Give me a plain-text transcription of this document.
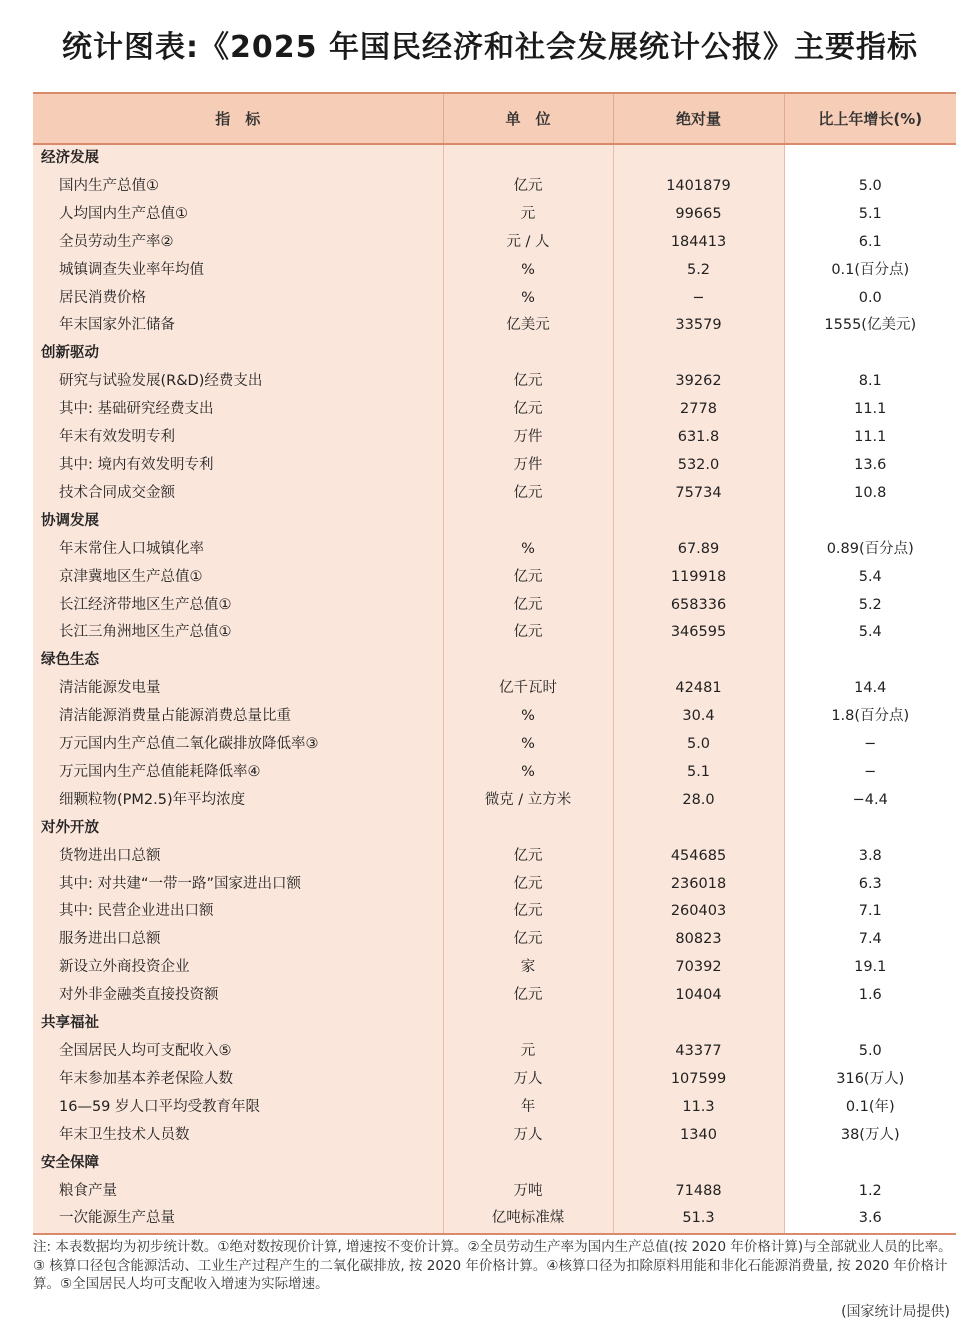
统计图表:《2025 年国民经济和社会发展统计公报》主要指标
指　标	单　位	绝对量	比上年增长(%)
经济发展			
国内生产总值①	亿元	1401879	5.0
人均国内生产总值①	元	99665	5.1
全员劳动生产率②	元 / 人	184413	6.1
城镇调查失业率年均值	%	5.2	0.1(百分点)
居民消费价格	%	−	0.0
年末国家外汇储备	亿美元	33579	1555(亿美元)
创新驱动			
研究与试验发展(R&D)经费支出	亿元	39262	8.1
其中: 基础研究经费支出	亿元	2778	11.1
年末有效发明专利	万件	631.8	11.1
其中: 境内有效发明专利	万件	532.0	13.6
技术合同成交金额	亿元	75734	10.8
协调发展			
年末常住人口城镇化率	%	67.89	0.89(百分点)
京津冀地区生产总值①	亿元	119918	5.4
长江经济带地区生产总值①	亿元	658336	5.2
长江三角洲地区生产总值①	亿元	346595	5.4
绿色生态			
清洁能源发电量	亿千瓦时	42481	14.4
清洁能源消费量占能源消费总量比重	%	30.4	1.8(百分点)
万元国内生产总值二氧化碳排放降低率③	%	5.0	−
万元国内生产总值能耗降低率④	%	5.1	−
细颗粒物(PM2.5)年平均浓度	微克 / 立方米	28.0	−4.4
对外开放			
货物进出口总额	亿元	454685	3.8
其中: 对共建“一带一路”国家进出口额	亿元	236018	6.3
其中: 民营企业进出口额	亿元	260403	7.1
服务进出口总额	亿元	80823	7.4
新设立外商投资企业	家	70392	19.1
对外非金融类直接投资额	亿元	10404	1.6
共享福祉			
全国居民人均可支配收入⑤	元	43377	5.0
年末参加基本养老保险人数	万人	107599	316(万人)
16—59 岁人口平均受教育年限	年	11.3	0.1(年)
年末卫生技术人员数	万人	1340	38(万人)
安全保障			
粮食产量	万吨	71488	1.2
一次能源生产总量	亿吨标准煤	51.3	3.6
注: 本表数据均为初步统计数。①绝对数按现价计算, 增速按不变价计算。②全员劳动生产率为国内生产总值(按 2020 年价格计算)与全部就业人员的比率。③ 核算口径包含能源活动、工业生产过程产生的二氧化碳排放, 按 2020 年价格计算。④核算口径为扣除原料用能和非化石能源消费量, 按 2020 年价格计算。⑤全国居民人均可支配收入增速为实际增速。
(国家统计局提供)
